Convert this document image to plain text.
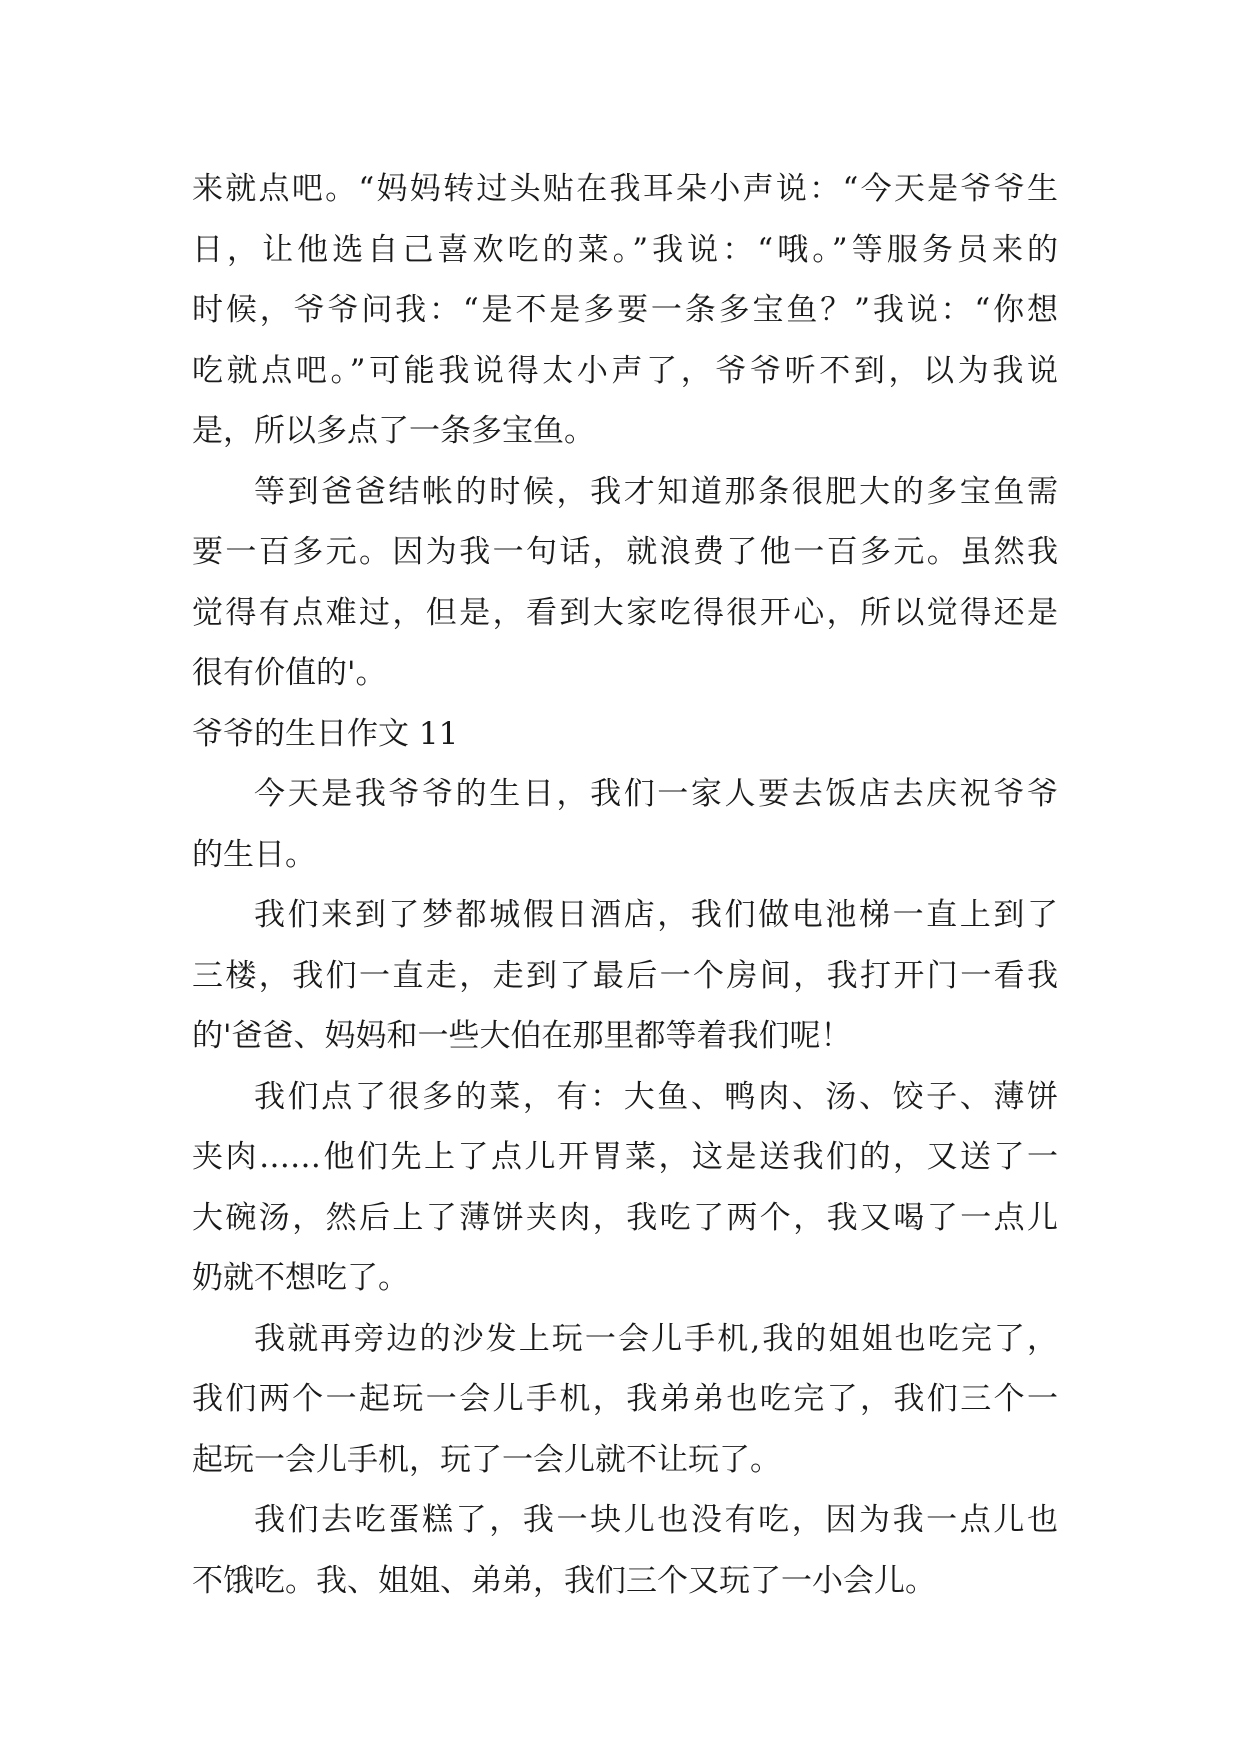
来就点吧。“妈妈转过头贴在我耳朵小声说：“今天是爷爷生
日，让他选自己喜欢吃的菜。”我说：“哦。”等服务员来的
时候，爷爷问我：“是不是多要一条多宝鱼？”我说：“你想
吃就点吧。”可能我说得太小声了，爷爷听不到，以为我说
是，所以多点了一条多宝鱼。
等到爸爸结帐的时候，我才知道那条很肥大的多宝鱼需
要一百多元。因为我一句话，就浪费了他一百多元。虽然我
觉得有点难过，但是，看到大家吃得很开心，所以觉得还是
很有价值的'。
爷爷的生日作文 11
今天是我爷爷的生日，我们一家人要去饭店去庆祝爷爷
的生日。
我们来到了梦都城假日酒店，我们做电池梯一直上到了
三楼，我们一直走，走到了最后一个房间，我打开门一看我
的'爸爸、妈妈和一些大伯在那里都等着我们呢！
我们点了很多的菜，有：大鱼、鸭肉、汤、饺子、薄饼
夹肉……他们先上了点儿开胃菜，这是送我们的，又送了一
大碗汤，然后上了薄饼夹肉，我吃了两个，我又喝了一点儿
奶就不想吃了。
我就再旁边的沙发上玩一会儿手机,我的姐姐也吃完了，
我们两个一起玩一会儿手机，我弟弟也吃完了，我们三个一
起玩一会儿手机，玩了一会儿就不让玩了。
我们去吃蛋糕了，我一块儿也没有吃，因为我一点儿也
不饿吃。我、姐姐、弟弟，我们三个又玩了一小会儿。
